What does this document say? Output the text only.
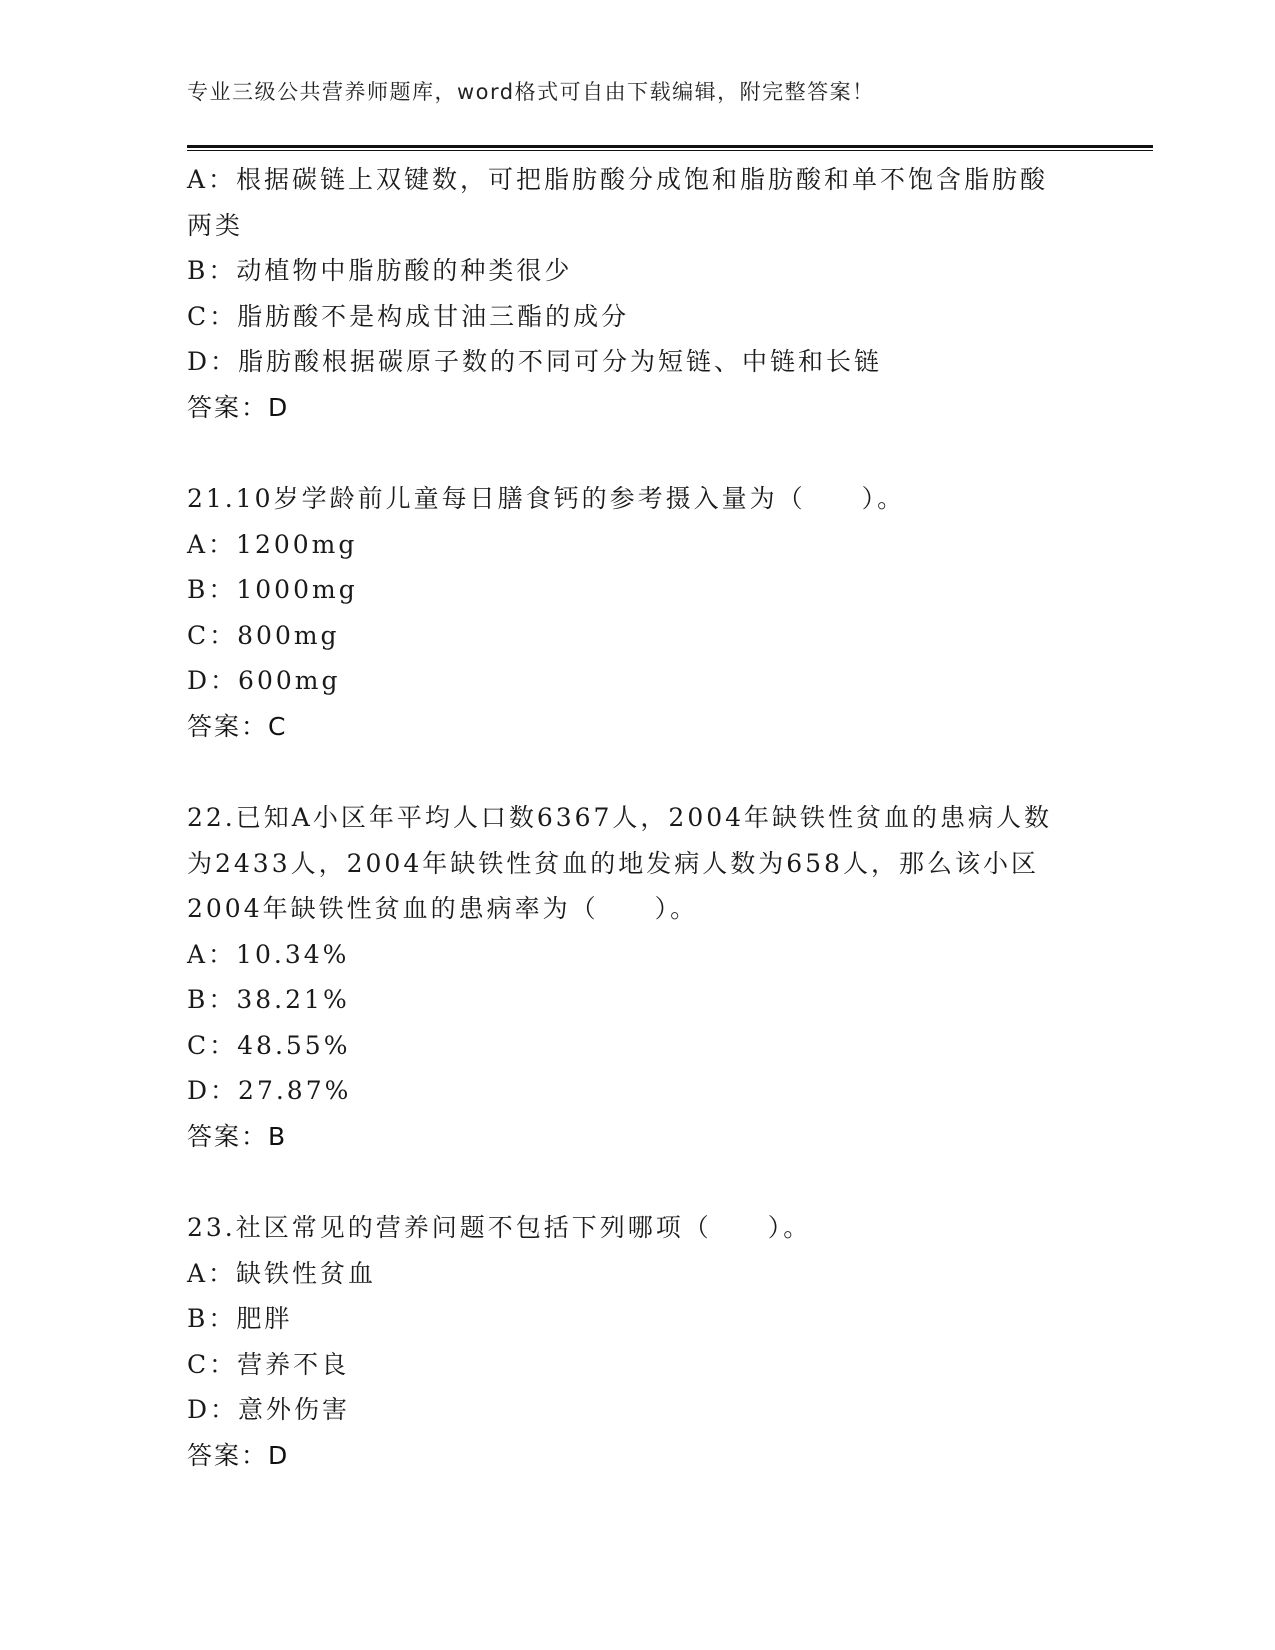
专业三级公共营养师题库，word格式可自由下载编辑，附完整答案！
A：根据碳链上双键数，可把脂肪酸分成饱和脂肪酸和单不饱含脂肪酸
两类
B：动植物中脂肪酸的种类很少
C：脂肪酸不是构成甘油三酯的成分
D：脂肪酸根据碳原子数的不同可分为短链、中链和长链
答案：D
21.10岁学龄前儿童每日膳食钙的参考摄入量为（　　）。
A：1200mg
B：1000mg
C：800mg
D：600mg
答案：C
22.已知A小区年平均人口数6367人，2004年缺铁性贫血的患病人数
为2433人，2004年缺铁性贫血的地发病人数为658人，那么该小区
2004年缺铁性贫血的患病率为（　　）。
A：10.34%
B：38.21%
C：48.55%
D：27.87%
答案：B
23.社区常见的营养问题不包括下列哪项（　　）。
A：缺铁性贫血
B：肥胖
C：营养不良
D：意外伤害
答案：D
